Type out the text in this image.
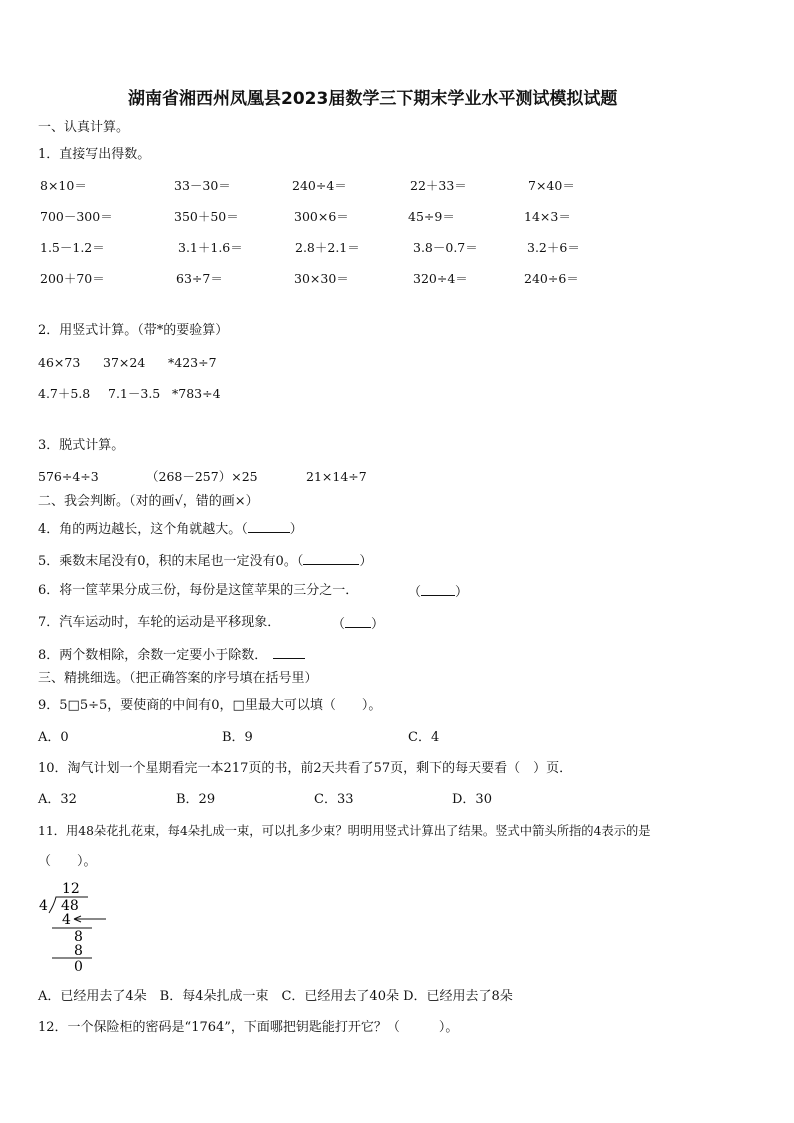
湖南省湘西州凤凰县2023届数学三下期末学业水平测试模拟试题
一、认真计算。
1．直接写出得数。
8×10＝	33－30＝	240÷4＝	22＋33＝	7×40＝
700－300＝	350＋50＝	300×6＝	45÷9＝	14×3＝
1.5－1.2＝	3.1＋1.6＝	2.8＋2.1＝	3.8－0.7＝	3.2＋6＝
200＋70＝	63÷7＝	30×30＝	320÷4＝	240÷6＝
2．用竖式计算。（带*的要验算）
46×73 37×24 *423÷7
4.7＋5.8 7.1－3.5 *783÷4
3．脱式计算。
576÷4÷3	（268－257）×25	21×14÷7
二、我会判断。（对的画√，错的画×）
4．角的两边越长，这个角就越大。（	）
5．乘数末尾没有0，积的末尾也一定没有0。（	）
6．将一筐苹果分成三份，每份是这筐苹果的三分之一．	（	）
7．汽车运动时，车轮的运动是平移现象．	（ ）
8．两个数相除，余数一定要小于除数．
三、精挑细选。（把正确答案的序号填在括号里）
9．5□5÷5，要使商的中间有0，□里最大可以填（　　）。
A．0	B．9	C．4
10．淘气计划一个星期看完一本217页的书，前2天共看了57页，剩下的每天要看（　）页．
A．32	B．29	C．33	D．30
11．用48朵花扎花束，每4朵扎成一束，可以扎多少束？明明用竖式计算出了结果。竖式中箭头所指的4表示的是
（　　）。
12
4 48
4
8
8
0
A．已经用去了4朵　B．每4朵扎成一束　C．已经用去了40朵 D．已经用去了8朵
12．一个保险柜的密码是“1764”，下面哪把钥匙能打开它？（　　　）。
